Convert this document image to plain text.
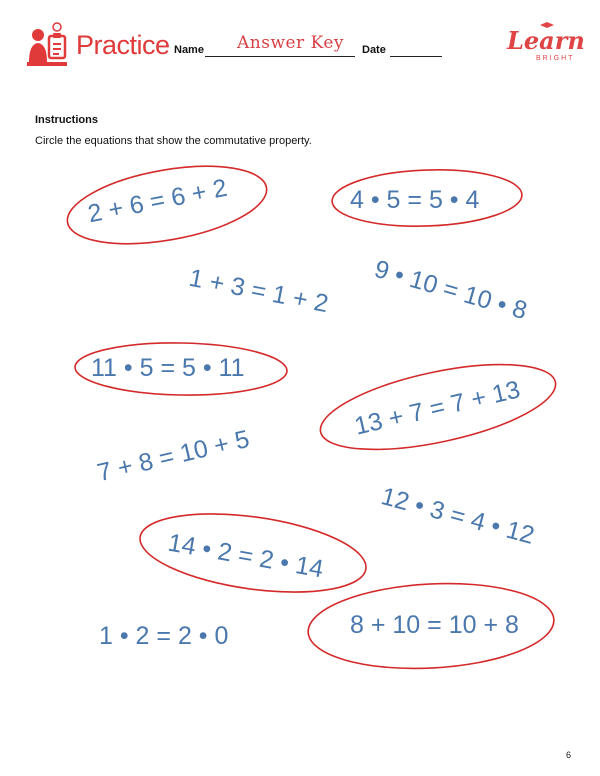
Practice Name Answer Key Date	Learn
BRIGHT
Instructions
Circle the equations that show the commutative property.
2 + 6 = 6 + 2	4 • 5 = 5 • 4
1 + 3 = 1 + 2 9 • 10 = 10 • 8
11 • 5 = 5 • 11
13 + 7 = 7 + 13
7 + 8 = 10 + 5
12 • 3 = 4 • 12
14 • 2 = 2 • 14
1 • 2 = 2 • 0	8 + 10 = 10 + 8
6
